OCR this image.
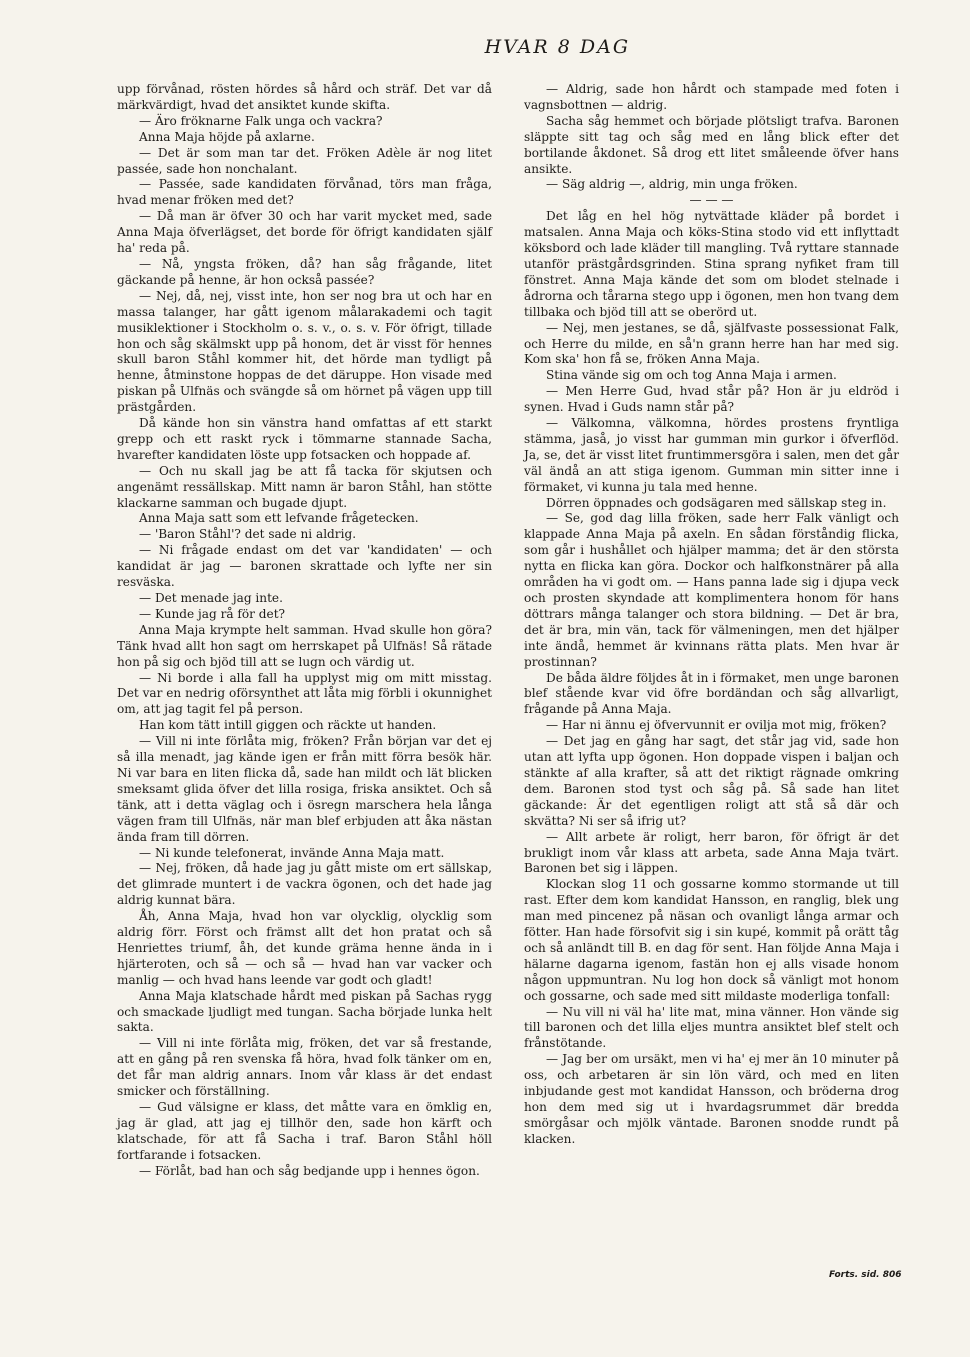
HVAR 8 DAG

upp förvånad, rösten hördes så hård och sträf. Det var då märkvärdigt, hvad det ansiktet kunde skifta.

— Äro fröknarne Falk unga och vackra?

Anna Maja höjde på axlarne.

— Det är som man tar det. Fröken Adèle är nog litet passée, sade hon nonchalant.

— Passée, sade kandidaten förvånad, törs man fråga, hvad menar fröken med det?

— Då man är öfver 30 och har varit mycket med, sade Anna Maja öfverlägset, det borde för öfrigt kandidaten själf ha' reda på.

— Nå, yngsta fröken, då? han såg frågande, litet gäckande på henne, är hon också passée?

— Nej, då, nej, visst inte, hon ser nog bra ut och har en massa talanger, har gått igenom målarakademi och tagit musiklektioner i Stockholm o. s. v., o. s. v. För öfrigt, tillade hon och såg skälmskt upp på honom, det är visst för hennes skull baron Ståhl kommer hit, det hörde man tydligt på henne, åtminstone hoppas de det däruppe. Hon visade med piskan på Ulfnäs och svängde så om hörnet på vägen upp till prästgården.

Då kände hon sin vänstra hand omfattas af ett starkt grepp och ett raskt ryck i tömmarne stannade Sacha, hvarefter kandidaten löste upp fotsacken och hoppade af.

— Och nu skall jag be att få tacka för skjutsen och angenämt ressällskap. Mitt namn är baron Ståhl, han stötte klackarne samman och bugade djupt.

Anna Maja satt som ett lefvande frågetecken.

— 'Baron Ståhl'? det sade ni aldrig.

— Ni frågade endast om det var 'kandidaten' — och kandidat är jag — baronen skrattade och lyfte ner sin resväska.

— Det menade jag inte.

— Kunde jag rå för det?

Anna Maja krympte helt samman. Hvad skulle hon göra? Tänk hvad allt hon sagt om herrskapet på Ulfnäs! Så rätade hon på sig och bjöd till att se lugn och värdig ut.

— Ni borde i alla fall ha upplyst mig om mitt misstag. Det var en nedrig oförsynthet att låta mig förbli i okunnighet om, att jag tagit fel på person.

Han kom tätt intill giggen och räckte ut handen.

— Vill ni inte förlåta mig, fröken? Från början var det ej så illa menadt, jag kände igen er från mitt förra besök här. Ni var bara en liten flicka då, sade han mildt och lät blicken smeksamt glida öfver det lilla rosiga, friska ansiktet. Och så tänk, att i detta väglag och i ösregn marschera hela långa vägen fram till Ulfnäs, när man blef erbjuden att åka nästan ända fram till dörren.

— Ni kunde telefonerat, invände Anna Maja matt.

— Nej, fröken, då hade jag ju gått miste om ert sällskap, det glimrade muntert i de vackra ögonen, och det hade jag aldrig kunnat bära.

Åh, Anna Maja, hvad hon var olycklig, olycklig som aldrig förr. Först och främst allt det hon pratat och så Henriettes triumf, åh, det kunde gräma henne ända in i hjärteroten, och så — och så — hvad han var vacker och manlig — och hvad hans leende var godt och gladt!

Anna Maja klatschade hårdt med piskan på Sachas rygg och smackade ljudligt med tungan. Sacha började lunka helt sakta.

— Vill ni inte förlåta mig, fröken, det var så frestande, att en gång på ren svenska få höra, hvad folk tänker om en, det får man aldrig annars. Inom vår klass är det endast smicker och förställning.

— Gud välsigne er klass, det måtte vara en ömklig en, jag är glad, att jag ej tillhör den, sade hon kärft och klatschade, för att få Sacha i traf. Baron Ståhl höll fortfarande i fotsacken.

— Förlåt, bad han och såg bedjande upp i hennes ögon.

— Aldrig, sade hon hårdt och stampade med foten i vagnsbottnen — aldrig.

Sacha såg hemmet och började plötsligt trafva. Baronen släppte sitt tag och såg med en lång blick efter det bortilande åkdonet. Så drog ett litet småleende öfver hans ansikte.

— Säg aldrig —, aldrig, min unga fröken.

— — —

Det låg en hel hög nytvättade kläder på bordet i matsalen. Anna Maja och köks-Stina stodo vid ett inflyttadt köksbord och lade kläder till mangling. Två ryttare stannade utanför prästgårdsgrinden. Stina sprang nyfiket fram till fönstret. Anna Maja kände det som om blodet stelnade i ådrorna och tårarna stego upp i ögonen, men hon tvang dem tillbaka och bjöd till att se oberörd ut.

— Nej, men jestanes, se då, själfvaste possessionat Falk, och Herre du milde, en så'n grann herre han har med sig. Kom ska' hon få se, fröken Anna Maja.

Stina vände sig om och tog Anna Maja i armen.

— Men Herre Gud, hvad står på? Hon är ju eldröd i synen. Hvad i Guds namn står på?

— Välkomna, välkomna, hördes prostens fryntliga stämma, jaså, jo visst har gumman min gurkor i öfverflöd. Ja, se, det är visst litet fruntimmersgöra i salen, men det går väl ändå an att stiga igenom. Gumman min sitter inne i förmaket, vi kunna ju tala med henne.

Dörren öppnades och godsägaren med sällskap steg in.

— Se, god dag lilla fröken, sade herr Falk vänligt och klappade Anna Maja på axeln. En sådan förståndig flicka, som går i hushållet och hjälper mamma; det är den största nytta en flicka kan göra. Dockor och halfkonstnärer på alla områden ha vi godt om. — Hans panna lade sig i djupa veck och prosten skyndade att komplimentera honom för hans döttrars många talanger och stora bildning. — Det är bra, det är bra, min vän, tack för välmeningen, men det hjälper inte ändå, hemmet är kvinnans rätta plats. Men hvar är prostinnan?

De båda äldre följdes åt in i förmaket, men unge baronen blef stående kvar vid öfre bordändan och såg allvarligt, frågande på Anna Maja.

— Har ni ännu ej öfvervunnit er ovilja mot mig, fröken?

— Det jag en gång har sagt, det står jag vid, sade hon utan att lyfta upp ögonen. Hon doppade vispen i baljan och stänkte af alla krafter, så att det riktigt rägnade omkring dem. Baronen stod tyst och såg på. Så sade han litet gäckande: Är det egentligen roligt att stå så där och skvätta? Ni ser så ifrig ut?

— Allt arbete är roligt, herr baron, för öfrigt är det brukligt inom vår klass att arbeta, sade Anna Maja tvärt. Baronen bet sig i läppen.

Klockan slog 11 och gossarne kommo stormande ut till rast. Efter dem kom kandidat Hansson, en ranglig, blek ung man med pincenez på näsan och ovanligt långa armar och fötter. Han hade försofvit sig i sin kupé, kommit på orätt tåg och så anländt till B. en dag för sent. Han följde Anna Maja i hälarne dagarna igenom, fastän hon ej alls visade honom någon uppmuntran. Nu log hon dock så vänligt mot honom och gossarne, och sade med sitt mildaste moderliga tonfall:

— Nu vill ni väl ha' lite mat, mina vänner. Hon vände sig till baronen och det lilla eljes muntra ansiktet blef stelt och frånstötande.

— Jag ber om ursäkt, men vi ha' ej mer än 10 minuter på oss, och arbetaren är sin lön värd, och med en liten inbjudande gest mot kandidat Hansson, och bröderna drog hon dem med sig ut i hvardagsrummet där bredda smörgåsar och mjölk väntade. Baronen snodde rundt på klacken.

Forts. sid. 806
